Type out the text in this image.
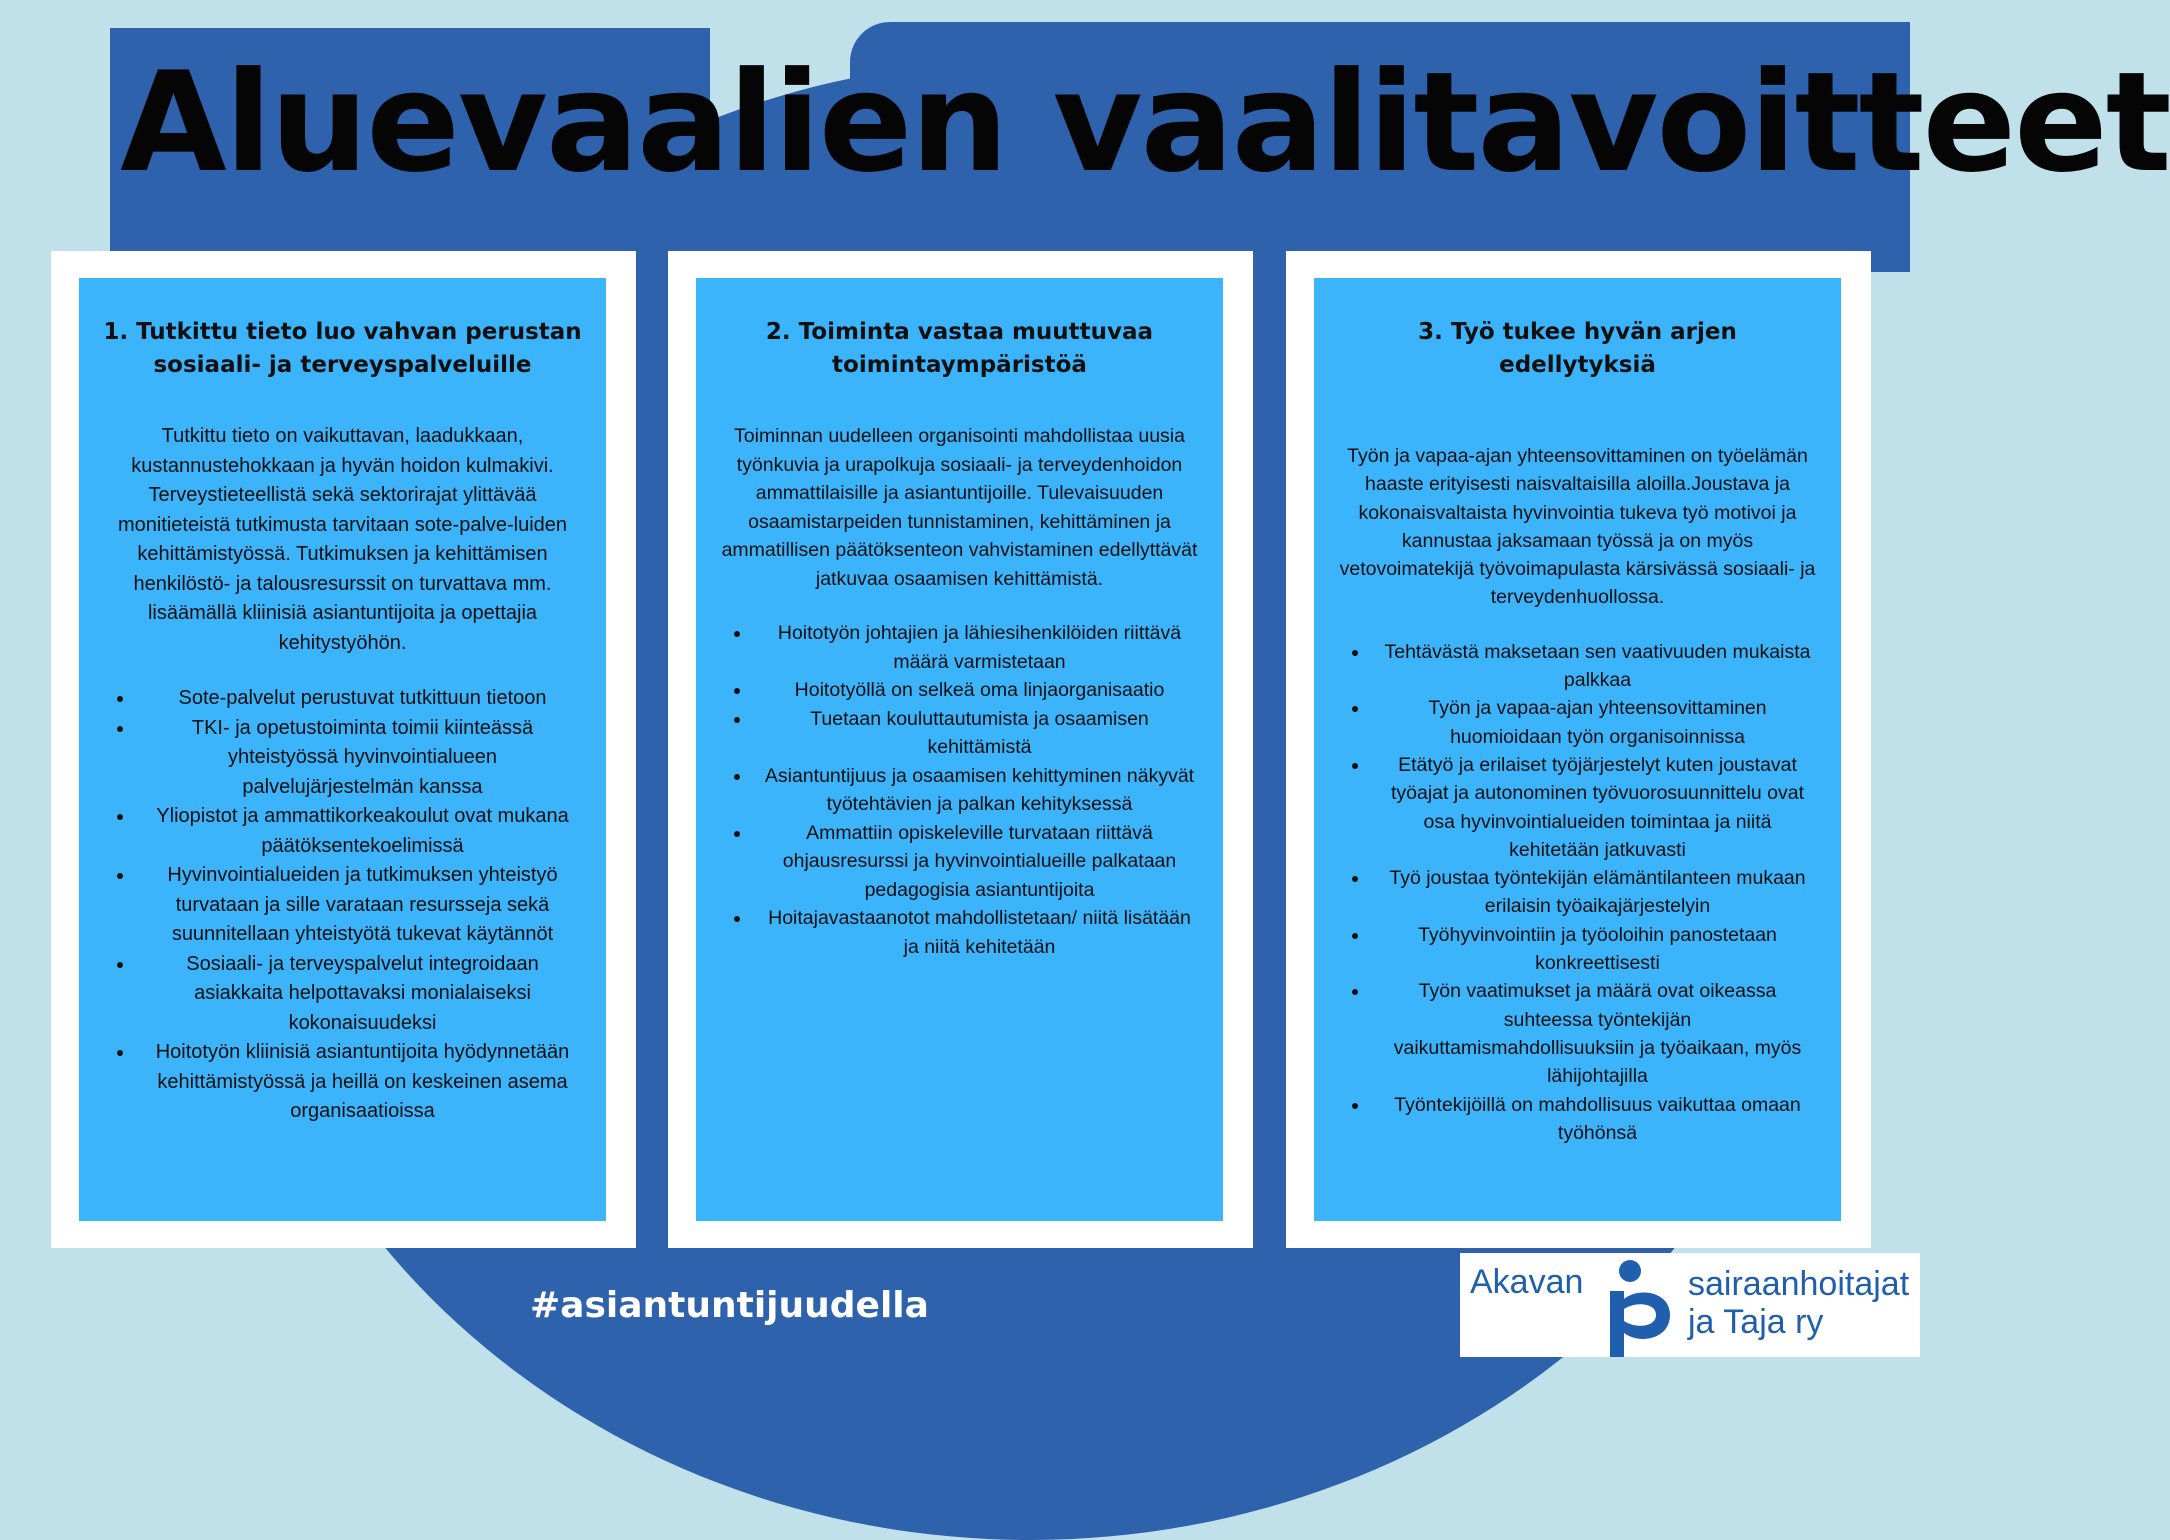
Aluevaalien vaalitavoitteet
1. Tutkittu tieto luo vahvan perustan sosiaali- ja terveyspalveluille
Tutkittu tieto on vaikuttavan, laadukkaan, kustannustehokkaan ja hyvän hoidon kulmakivi. Terveystieteellistä sekä sektorirajat ylittävää monitieteistä tutkimusta tarvitaan sote-palve-luiden kehittämistyössä. Tutkimuksen ja kehittämisen henkilöstö- ja talousresurssit on turvattava mm. lisäämällä kliinisiä asiantuntijoita ja opettajia kehitystyöhön.
Sote-palvelut perustuvat tutkittuun tietoon
TKI- ja opetustoiminta toimii kiinteässä yhteistyössä hyvinvointialueen palvelujärjestelmän kanssa
Yliopistot ja ammattikorkeakoulut ovat mukana päätöksentekoelimissä
Hyvinvointialueiden ja tutkimuksen yhteistyö turvataan ja sille varataan resursseja sekä suunnitellaan yhteistyötä tukevat käytännöt
Sosiaali- ja terveyspalvelut integroidaan asiakkaita helpottavaksi monialaiseksi kokonaisuudeksi
Hoitotyön kliinisiä asiantuntijoita hyödynnetään kehittämistyössä ja heillä on keskeinen asema organisaatioissa
2. Toiminta vastaa muuttuvaa toimintaympäristöä
Toiminnan uudelleen organisointi mahdollistaa uusia työnkuvia ja urapolkuja sosiaali- ja terveydenhoidon ammattilaisille ja asiantuntijoille. Tulevaisuuden osaamistarpeiden tunnistaminen, kehittäminen ja ammatillisen päätöksenteon vahvistaminen edellyttävät jatkuvaa osaamisen kehittämistä.
Hoitotyön johtajien ja lähiesihenkilöiden riittävä määrä varmistetaan
Hoitotyöllä on selkeä oma linjaorganisaatio
Tuetaan kouluttautumista ja osaamisen kehittämistä
Asiantuntijuus ja osaamisen kehittyminen näkyvät työtehtävien ja palkan kehityksessä
Ammattiin opiskeleville turvataan riittävä ohjausresurssi ja hyvinvointialueille palkataan pedagogisia asiantuntijoita
Hoitajavastaanotot mahdollistetaan/ niitä lisätään ja niitä kehitetään
3. Työ tukee hyvän arjen edellytyksiä
Työn ja vapaa-ajan yhteensovittaminen on työelämän haaste erityisesti naisvaltaisilla aloilla.Joustava ja kokonaisvaltaista hyvinvointia tukeva työ motivoi ja kannustaa jaksamaan työssä ja on myös vetovoimatekijä työvoimapulasta kärsivässä sosiaali- ja terveydenhuollossa.
Tehtävästä maksetaan sen vaativuuden mukaista palkkaa
Työn ja vapaa-ajan yhteensovittaminen huomioidaan työn organisoinnissa
Etätyö ja erilaiset työjärjestelyt kuten joustavat työajat ja autonominen työvuorosuunnittelu ovat osa hyvinvointialueiden toimintaa ja niitä kehitetään jatkuvasti
Työ joustaa työntekijän elämäntilanteen mukaan erilaisin työaikajärjestelyin
Työhyvinvointiin ja työoloihin panostetaan konkreettisesti
Työn vaatimukset ja määrä ovat oikeassa suhteessa työntekijän vaikuttamismahdollisuuksiin ja työaikaan, myös lähijohtajilla
Työntekijöillä on mahdollisuus vaikuttaa omaan työhönsä
#asiantuntijuudella
Akavan	sairaanhoitajat
ja Taja ry
